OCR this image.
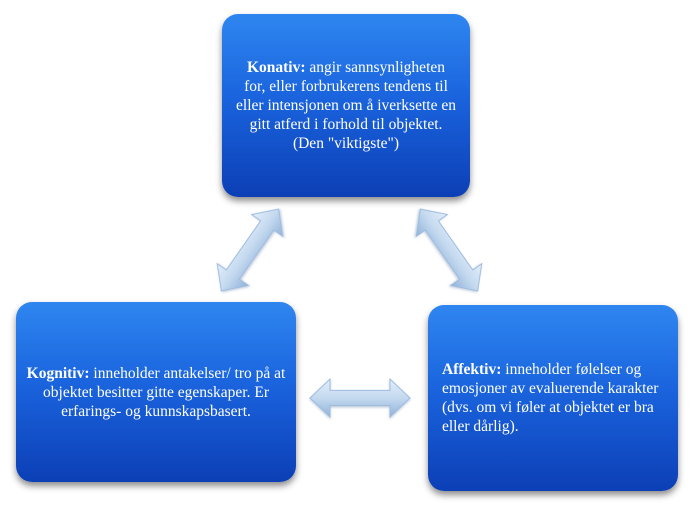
Konativ: angir sannsynligheten for, eller forbrukerens tendens til eller intensjonen om å iverksette en gitt atferd i forhold til objektet. (Den "viktigste")
Kognitiv: inneholder antakelser/ tro på at objektet besitter gitte egenskaper. Er erfarings- og kunnskapsbasert.
Affektiv: inneholder følelser og emosjoner av evaluerende karakter (dvs. om vi føler at objektet er bra eller dårlig).
